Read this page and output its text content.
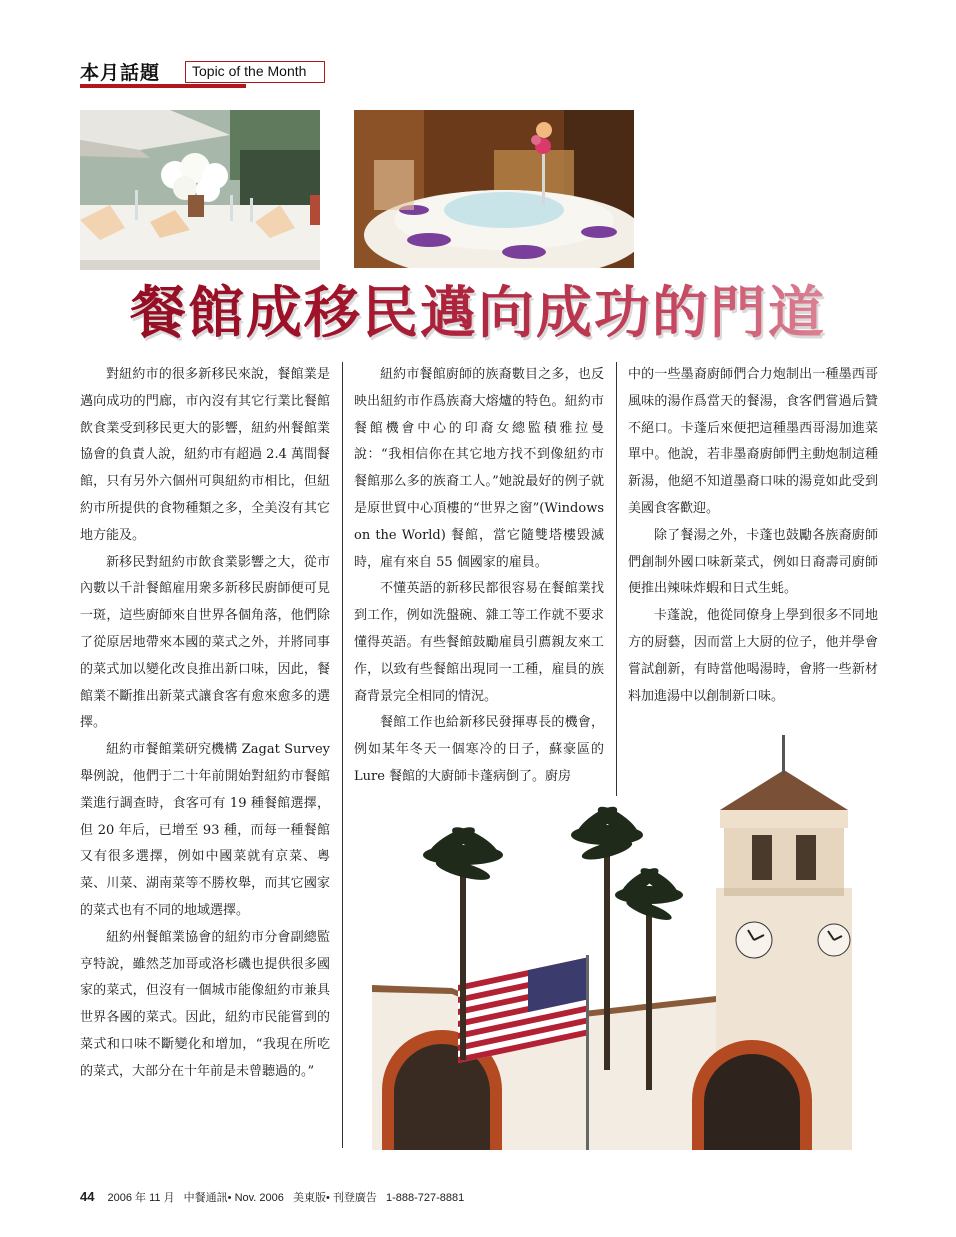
本月話題	Topic of the Month
餐館成移民邁向成功的門道

對紐約市的很多新移民來說，餐館業是邁向成功的門廊，市內沒有其它行業比餐館飲食業受到移民更大的影響，紐約州餐館業協會的負責人說，紐約市有超過 2.4 萬間餐館，只有另外六個州可與紐約市相比，但紐約市所提供的食物種類之多，全美沒有其它地方能及。

新移民對紐約市飲食業影響之大，從市內數以千計餐館雇用衆多新移民廚師便可見一斑，這些廚師來自世界各個角落，他們除了從原居地帶來本國的菜式之外，并將同事的菜式加以變化改良推出新口味，因此，餐館業不斷推出新菜式讓食客有愈來愈多的選擇。

紐約市餐館業研究機構 Zagat Survey 舉例說，他們于二十年前開始對紐約市餐館業進行調查時，食客可有 19 種餐館選擇，但 20 年后，已增至 93 種，而每一種餐館又有很多選擇，例如中國菜就有京菜、粵菜、川菜、湖南菜等不勝枚舉，而其它國家的菜式也有不同的地域選擇。

紐約州餐館業協會的紐約市分會副總監亨特說，雖然芝加哥或洛杉磯也提供很多國家的菜式，但沒有一個城市能像紐約市兼具世界各國的菜式。因此，紐約市民能嘗到的菜式和口味不斷變化和增加，“我現在所吃的菜式，大部分在十年前是未曾聽過的。”

紐約市餐館廚師的族裔數目之多，也反映出紐約市作爲族裔大熔爐的特色。紐約市餐館機會中心的印裔女總監積雅拉曼說：“我相信你在其它地方找不到像紐約市餐館那么多的族裔工人。”她說最好的例子就是原世貿中心頂樓的“世界之窗”(Windows on the World) 餐館，當它隨雙塔樓毀滅時，雇有來自 55 個國家的雇員。

不懂英語的新移民都很容易在餐館業找到工作，例如洗盤碗、雜工等工作就不要求懂得英語。有些餐館鼓勵雇員引薦親友來工作，以致有些餐館出現同一工種，雇員的族裔背景完全相同的情況。

餐館工作也給新移民發揮專長的機會，例如某年冬天一個寒冷的日子，蘇豪區的 Lure 餐館的大廚師卡蓬病倒了。廚房

中的一些墨裔廚師們合力炮制出一種墨西哥風味的湯作爲當天的餐湯，食客們嘗過后贊不絕口。卡蓬后來便把這種墨西哥湯加進菜單中。他說，若非墨裔廚師們主動炮制這種新湯，他絕不知道墨裔口味的湯竟如此受到美國食客歡迎。

除了餐湯之外，卡蓬也鼓勵各族裔廚師們創制外國口味新菜式，例如日裔壽司廚師便推出辣味炸蝦和日式生蚝。

卡蓬說，他從同僚身上學到很多不同地方的厨藝，因而當上大厨的位子，他并學會嘗試創新，有時當他喝湯時，會將一些新材料加進湯中以創制新口味。

44 2006 年 11 月 中餐通訊• Nov. 2006 美東版• 刊登廣告 1-888-727-8881
